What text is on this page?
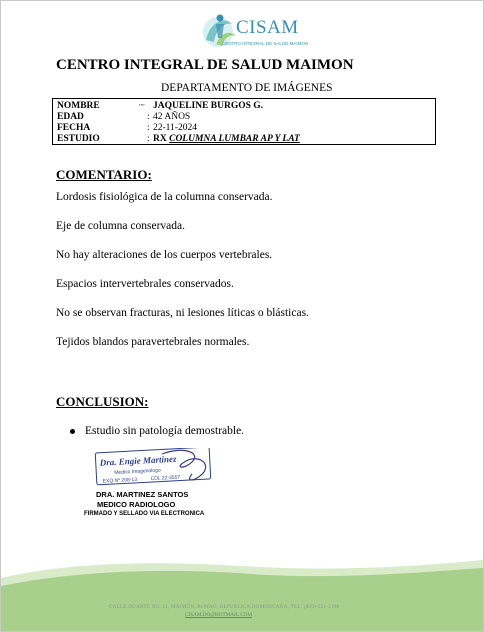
CISAM
CENTRO INTEGRAL DE SALUD MAIMON
CENTRO INTEGRAL DE SALUD MAIMON
DEPARTAMENTO DE IMÁGENES
NOMBRE	ᵕᵕ JAQUELINE BURGOS G.
EDAD	: 42 AÑOS
FECHA	: 22-11-2024
ESTUDIO	: RX COLUMNA LUMBAR AP Y LAT
COMENTARIO:
Lordosis fisiológica de la columna conservada.
Eje de columna conservada.
No hay alteraciones de los cuerpos vertebrales.
Espacios intervertebrales conservados.
No se observan fracturas, ni lesiones líticas o blásticas.
Tejidos blandos paravertebrales normales.
CONCLUSION:
Estudio sin patología demostrable.
Dra. Engie Martinez
Medico Imagenologo
EXQ Nº 208-13	CDL 22-3557
DRA. MARTINEZ SANTOS
MEDICO RADIOLOGO
FIRMADO Y SELLADO VIA ELECTRONICA
CALLE DUARTE NO. 11, MAIMÓN, BONAO, REPUBLICA DOMINICANA, TEL: (809)-551-2106
CISAM.DO@HOTMAIL.COM
